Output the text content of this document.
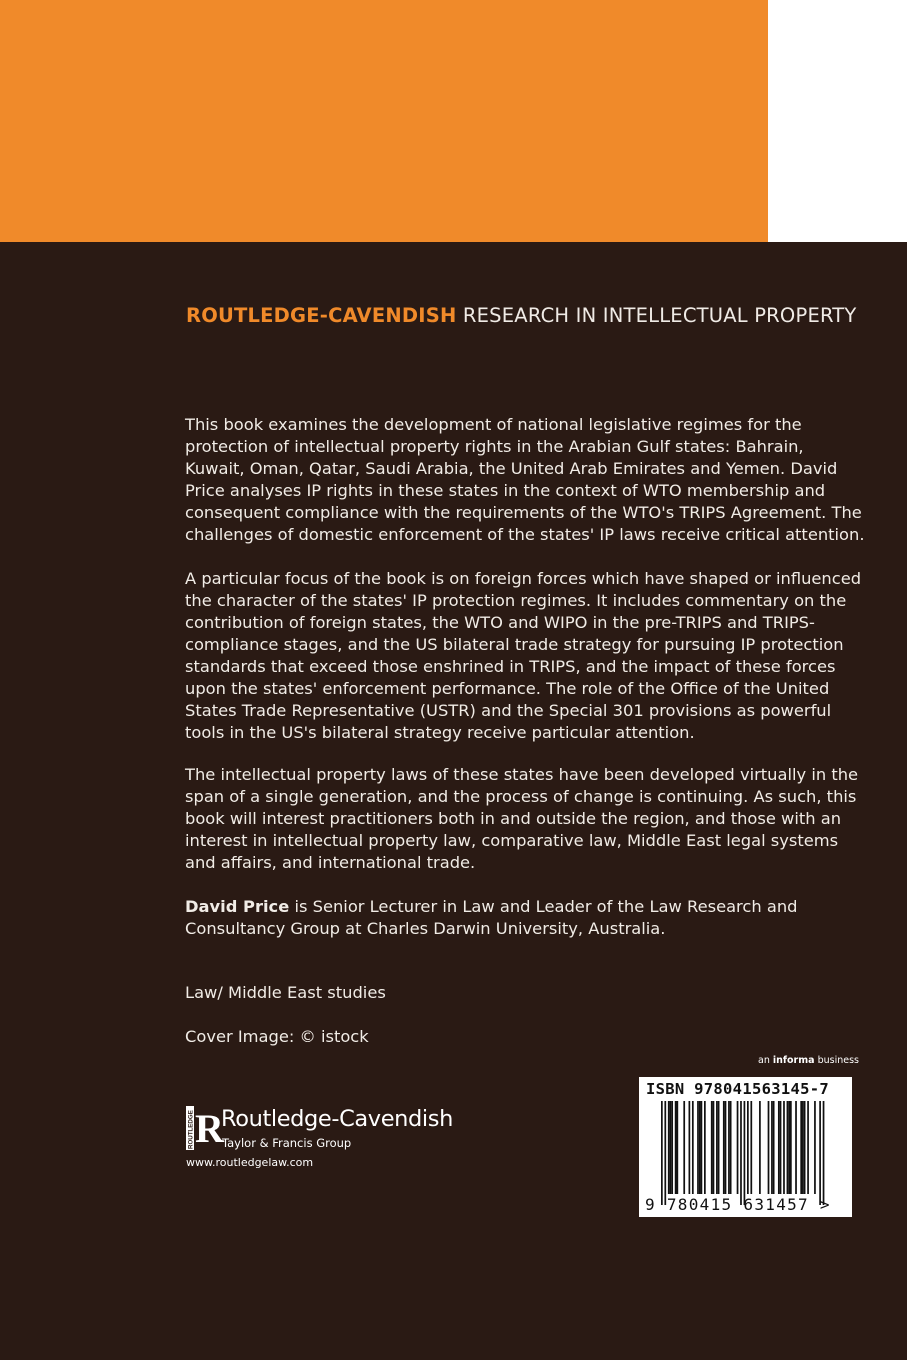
ROUTLEDGE-CAVENDISH RESEARCH IN INTELLECTUAL PROPERTY

This book examines the development of national legislative regimes for the protection of intellectual property rights in the Arabian Gulf states: Bahrain, Kuwait, Oman, Qatar, Saudi Arabia, the United Arab Emirates and Yemen. David Price analyses IP rights in these states in the context of WTO membership and consequent compliance with the requirements of the WTO's TRIPS Agreement. The challenges of domestic enforcement of the states' IP laws receive critical attention.

A particular focus of the book is on foreign forces which have shaped or influenced the character of the states' IP protection regimes. It includes commentary on the contribution of foreign states, the WTO and WIPO in the pre-TRIPS and TRIPS-compliance stages, and the US bilateral trade strategy for pursuing IP protection standards that exceed those enshrined in TRIPS, and the impact of these forces upon the states' enforcement performance. The role of the Office of the United States Trade Representative (USTR) and the Special 301 provisions as powerful tools in the US's bilateral strategy receive particular attention.

The intellectual property laws of these states have been developed virtually in the span of a single generation, and the process of change is continuing. As such, this book will interest practitioners both in and outside the region, and those with an interest in intellectual property law, comparative law, Middle East legal systems and affairs, and international trade.

David Price is Senior Lecturer in Law and Leader of the Law Research and Consultancy Group at Charles Darwin University, Australia.

Law/ Middle East studies
Cover Image: © istock
ROUTLEDGE R
Routledge-Cavendish
Taylor & Francis Group
www.routledgelaw.com
an informa business
ISBN 978041563145-7
9 780415 631457 >
